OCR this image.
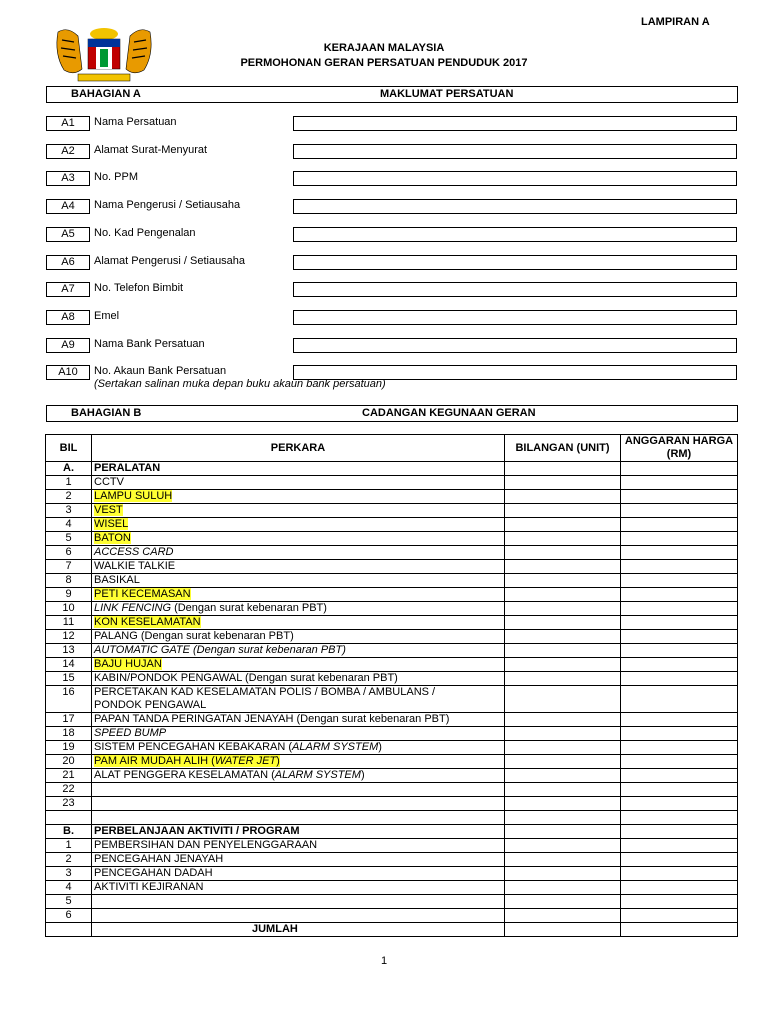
LAMPIRAN A
KERAJAAN MALAYSIA
PERMOHONAN GERAN PERSATUAN PENDUDUK 2017
BAHAGIAN A	MAKLUMAT PERSATUAN
A1	Nama Persatuan
A2	Alamat Surat-Menyurat
A3	No. PPM
A4	Nama Pengerusi / Setiausaha
A5	No. Kad Pengenalan
A6	Alamat Pengerusi / Setiausaha
A7	No. Telefon Bimbit
A8	Emel
A9	Nama Bank Persatuan
A10	No. Akaun Bank Persatuan
(Sertakan salinan muka depan buku akaun bank persatuan)
BAHAGIAN B	CADANGAN KEGUNAAN GERAN
BIL	PERKARA	BILANGAN (UNIT)	ANGGARAN HARGA (RM)
A.	PERALATAN		
1	CCTV		
2	LAMPU SULUH		
3	VEST		
4	WISEL		
5	BATON		
6	ACCESS CARD		
7	WALKIE TALKIE		
8	BASIKAL		
9	PETI KECEMASAN		
10	LINK FENCING (Dengan surat kebenaran PBT)		
11	KON KESELAMATAN		
12	PALANG (Dengan surat kebenaran PBT)		
13	AUTOMATIC GATE (Dengan surat kebenaran PBT)		
14	BAJU HUJAN		
15	KABIN/PONDOK PENGAWAL (Dengan surat kebenaran PBT)		
16	PERCETAKAN KAD KESELAMATAN POLIS / BOMBA / AMBULANS /
PONDOK PENGAWAL		
17	PAPAN TANDA PERINGATAN JENAYAH (Dengan surat kebenaran PBT)		
18	SPEED BUMP		
19	SISTEM PENCEGAHAN KEBAKARAN (ALARM SYSTEM)		
20	PAM AIR MUDAH ALIH (WATER JET)		
21	ALAT PENGGERA KESELAMATAN (ALARM SYSTEM)		
22			
23			

B.	PERBELANJAAN AKTIVITI / PROGRAM		
1	PEMBERSIHAN DAN PENYELENGGARAAN		
2	PENCEGAHAN JENAYAH		
3	PENCEGAHAN DADAH		
4	AKTIVITI KEJIRANAN		
5			
6			
	JUMLAH		
1
